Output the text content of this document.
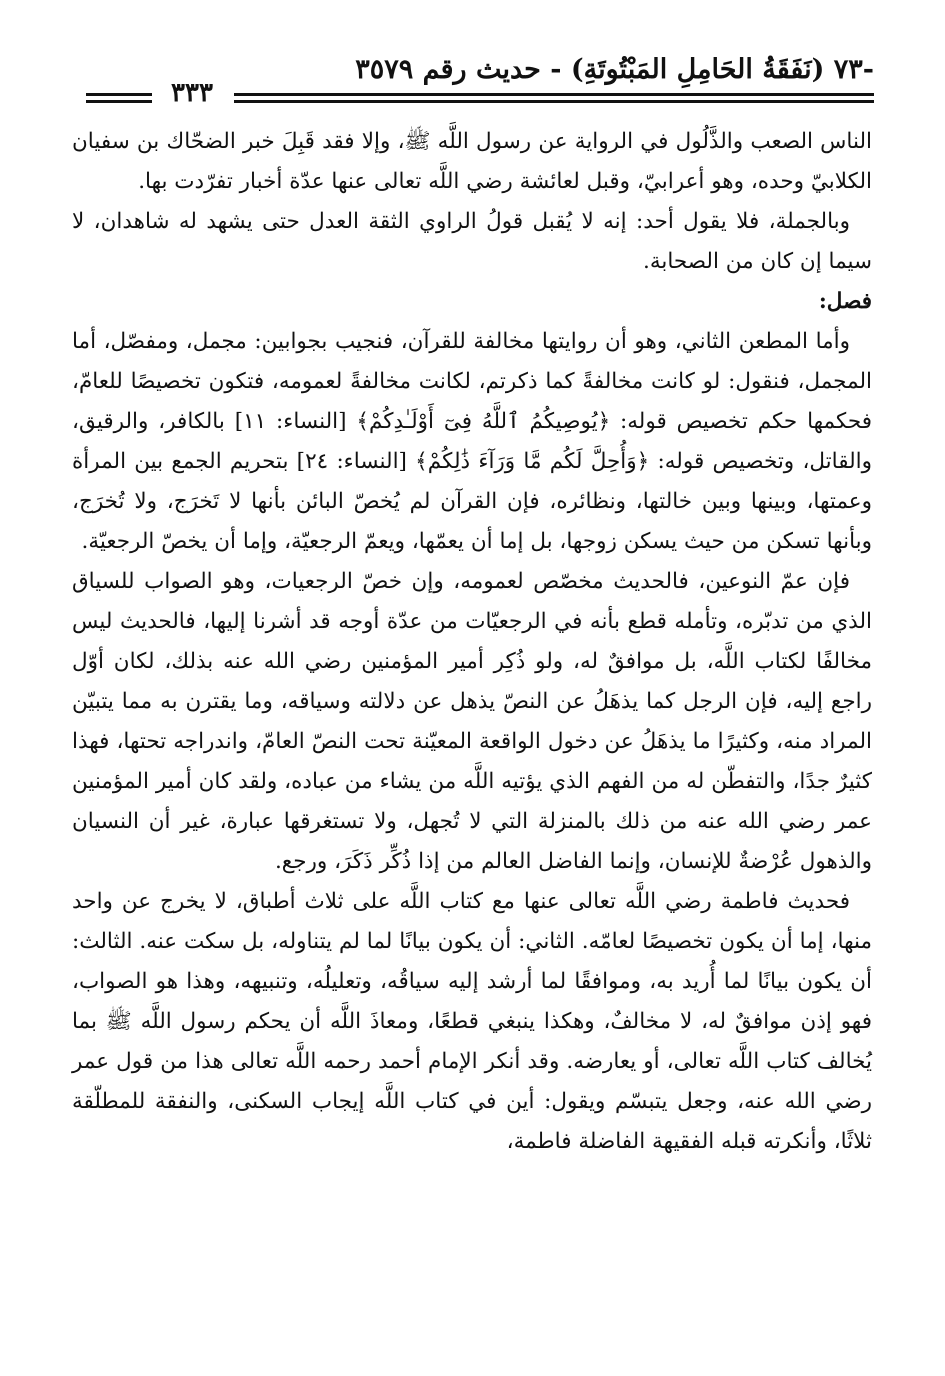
-٧٣ (نَفَقَةُ الحَامِلِ المَبْتُوتَةِ) - حديث رقم ٣٥٧٩
٣٣٣

الناس الصعب والذَّلُول في الرواية عن رسول اللَّه ﷺ، وإلا فقد قَبِلَ خبر الضحّاك بن سفيان الكلابيّ وحده، وهو أعرابيّ، وقبل لعائشة رضي اللَّه تعالى عنها عدّة أخبار تفرّدت بها.

وبالجملة، فلا يقول أحد: إنه لا يُقبل قولُ الراوي الثقة العدل حتى يشهد له شاهدان، لا سيما إن كان من الصحابة.

فصل:

وأما المطعن الثاني، وهو أن روايتها مخالفة للقرآن، فنجيب بجوابين: مجمل، ومفصّل، أما المجمل، فنقول: لو كانت مخالفةً كما ذكرتم، لكانت مخالفةً لعمومه، فتكون تخصيصًا للعامّ، فحكمها حكم تخصيص قوله: ﴿يُوصِيكُمُ ٱللَّهُ فِىٓ أَوْلَـٰدِكُمْ﴾ [النساء: ١١] بالكافر، والرقيق، والقاتل، وتخصيص قوله: ﴿وَأُحِلَّ لَكُم مَّا وَرَآءَ ذَٰلِكُمْ﴾ [النساء: ٢٤] بتحريم الجمع بين المرأة وعمتها، وبينها وبين خالتها، ونظائره، فإن القرآن لم يُخصّ البائن بأنها لا تَخرَج، ولا تُخرَج، وبأنها تسكن من حيث يسكن زوجها، بل إما أن يعمّها، ويعمّ الرجعيّة، وإما أن يخصّ الرجعيّة.

فإن عمّ النوعين، فالحديث مخصّص لعمومه، وإن خصّ الرجعيات، وهو الصواب للسياق الذي من تدبّره، وتأمله قطع بأنه في الرجعيّات من عدّة أوجه قد أشرنا إليها، فالحديث ليس مخالفًا لكتاب اللَّه، بل موافقٌ له، ولو ذُكِر أمير المؤمنين رضي الله عنه بذلك، لكان أوّل راجع إليه، فإن الرجل كما يذهَلُ عن النصّ يذهل عن دلالته وسياقه، وما يقترن به مما يتبيّن المراد منه، وكثيرًا ما يذهَلُ عن دخول الواقعة المعيّنة تحت النصّ العامّ، واندراجه تحتها، فهذا كثيرٌ جدًا، والتفطّن له من الفهم الذي يؤتيه اللَّه من يشاء من عباده، ولقد كان أمير المؤمنين عمر رضي الله عنه من ذلك بالمنزلة التي لا تُجهل، ولا تستغرقها عبارة، غير أن النسيان والذهول عُرْضةٌ للإنسان، وإنما الفاضل العالم من إذا ذُكِّر ذَكَرَ، ورجع.

فحديث فاطمة رضي اللَّه تعالى عنها مع كتاب اللَّه على ثلاث أطباق، لا يخرج عن واحد منها، إما أن يكون تخصيصًا لعامّه. الثاني: أن يكون بيانًا لما لم يتناوله، بل سكت عنه. الثالث: أن يكون بيانًا لما أُريد به، وموافقًا لما أرشد إليه سياقُه، وتعليلُه، وتنبيهه، وهذا هو الصواب، فهو إذن موافقٌ له، لا مخالفٌ، وهكذا ينبغي قطعًا، ومعاذَ اللَّه أن يحكم رسول اللَّه ﷺ بما يُخالف كتاب اللَّه تعالى، أو يعارضه. وقد أنكر الإمام أحمد رحمه اللَّه تعالى هذا من قول عمر رضي الله عنه، وجعل يتبسّم ويقول: أين في كتاب اللَّه إيجاب السكنى، والنفقة للمطلّقة ثلاثًا، وأنكرته قبله الفقيهة الفاضلة فاطمة،
